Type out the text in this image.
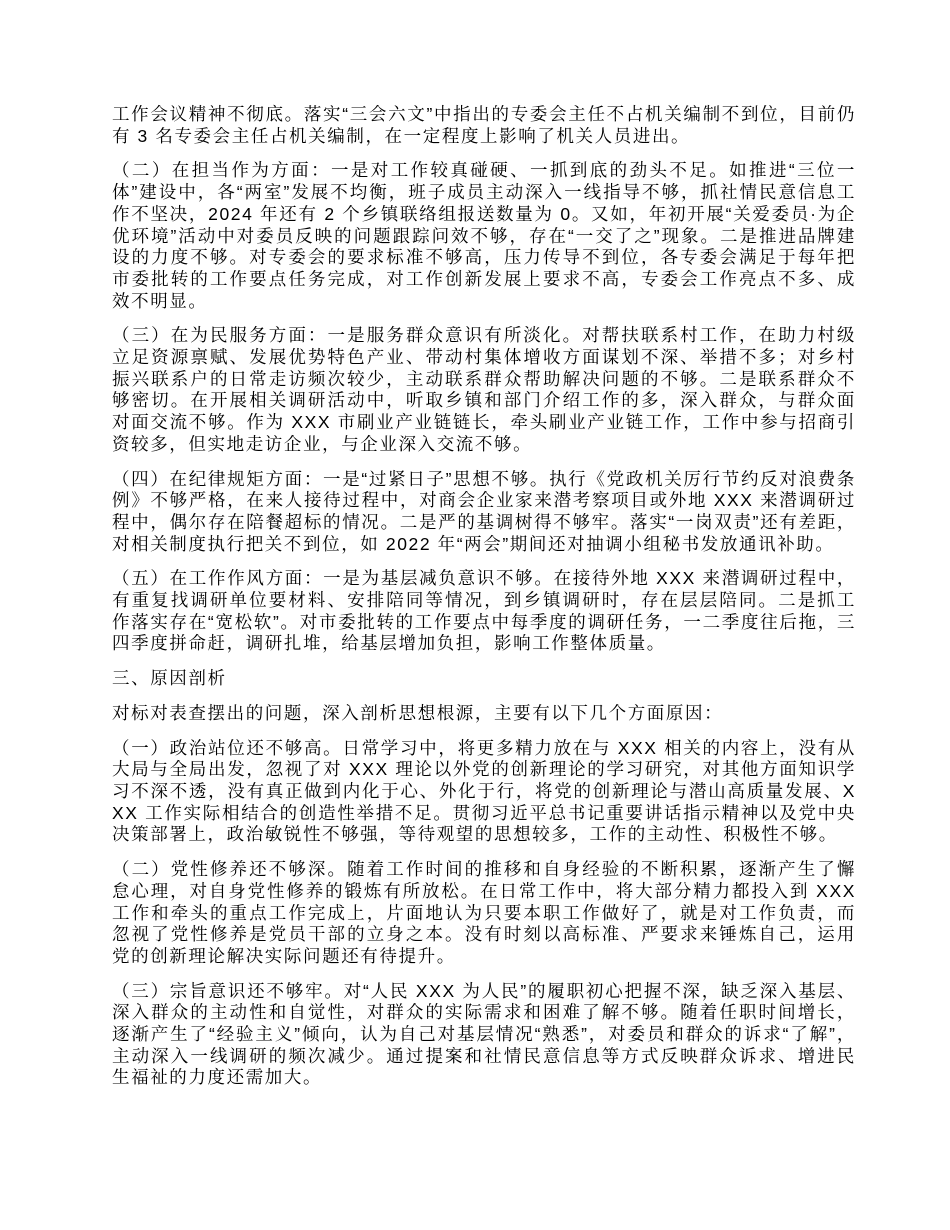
工作会议精神不彻底。落实“三会六文”中指出的专委会主任不占机关编制不到位，目前仍有 3 名专委会主任占机关编制，在一定程度上影响了机关人员进出。

（二）在担当作为方面：一是对工作较真碰硬、一抓到底的劲头不足。如推进“三位一体”建设中，各“两室”发展不均衡，班子成员主动深入一线指导不够，抓社情民意信息工作不坚决，2024 年还有 2 个乡镇联络组报送数量为 0。又如，年初开展“关爱委员·为企优环境”活动中对委员反映的问题跟踪问效不够，存在“一交了之”现象。二是推进品牌建设的力度不够。对专委会的要求标准不够高，压力传导不到位，各专委会满足于每年把市委批转的工作要点任务完成，对工作创新发展上要求不高，专委会工作亮点不多、成效不明显。

（三）在为民服务方面：一是服务群众意识有所淡化。对帮扶联系村工作，在助力村级立足资源禀赋、发展优势特色产业、带动村集体增收方面谋划不深、举措不多；对乡村振兴联系户的日常走访频次较少，主动联系群众帮助解决问题的不够。二是联系群众不够密切。在开展相关调研活动中，听取乡镇和部门介绍工作的多，深入群众，与群众面对面交流不够。作为 XXX 市刷业产业链链长，牵头刷业产业链工作，工作中参与招商引资较多，但实地走访企业，与企业深入交流不够。

（四）在纪律规矩方面：一是“过紧日子”思想不够。执行《党政机关厉行节约反对浪费条例》不够严格，在来人接待过程中，对商会企业家来潜考察项目或外地 XXX 来潜调研过程中，偶尔存在陪餐超标的情况。二是严的基调树得不够牢。落实“一岗双责”还有差距，对相关制度执行把关不到位，如 2022 年“两会”期间还对抽调小组秘书发放通讯补助。

（五）在工作作风方面：一是为基层减负意识不够。在接待外地 XXX 来潜调研过程中，有重复找调研单位要材料、安排陪同等情况，到乡镇调研时，存在层层陪同。二是抓工作落实存在“宽松软”。对市委批转的工作要点中每季度的调研任务，一二季度往后拖，三四季度拼命赶，调研扎堆，给基层增加负担，影响工作整体质量。

三、原因剖析

对标对表查摆出的问题，深入剖析思想根源，主要有以下几个方面原因：

（一）政治站位还不够高。日常学习中，将更多精力放在与 XXX 相关的内容上，没有从大局与全局出发，忽视了对 XXX 理论以外党的创新理论的学习研究，对其他方面知识学习不深不透，没有真正做到内化于心、外化于行，将党的创新理论与潜山高质量发展、XXX 工作实际相结合的创造性举措不足。贯彻习近平总书记重要讲话指示精神以及党中央决策部署上，政治敏锐性不够强，等待观望的思想较多，工作的主动性、积极性不够。

（二）党性修养还不够深。随着工作时间的推移和自身经验的不断积累，逐渐产生了懈怠心理，对自身党性修养的锻炼有所放松。在日常工作中，将大部分精力都投入到 XXX 工作和牵头的重点工作完成上，片面地认为只要本职工作做好了，就是对工作负责，而忽视了党性修养是党员干部的立身之本。没有时刻以高标准、严要求来锤炼自己，运用党的创新理论解决实际问题还有待提升。

（三）宗旨意识还不够牢。对“人民 XXX 为人民”的履职初心把握不深，缺乏深入基层、深入群众的主动性和自觉性，对群众的实际需求和困难了解不够。随着任职时间增长，逐渐产生了“经验主义”倾向，认为自己对基层情况“熟悉”，对委员和群众的诉求“了解”，主动深入一线调研的频次减少。通过提案和社情民意信息等方式反映群众诉求、增进民生福祉的力度还需加大。
